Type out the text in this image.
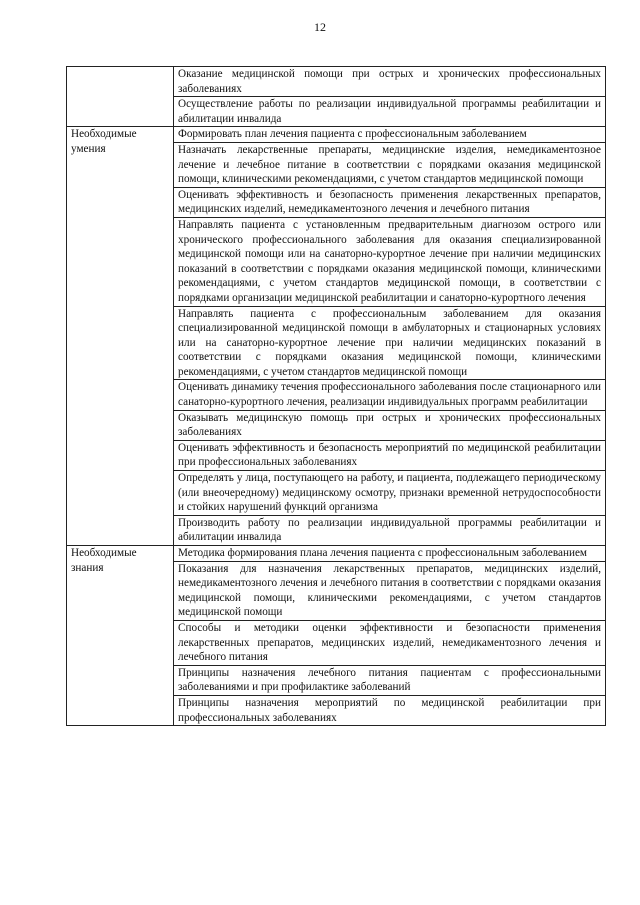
12
	Оказание медицинской помощи при острых и хронических профессиональных заболеваниях
	Осуществление работы по реализации индивидуальной программы реабилитации и абилитации инвалида
Необходимые умения	Формировать план лечения пациента с профессиональным заболеванием
	Назначать лекарственные препараты, медицинские изделия, немедикаментозное лечение и лечебное питание в соответствии с порядками оказания медицинской помощи, клиническими рекомендациями, с учетом стандартов медицинской помощи
	Оценивать эффективность и безопасность применения лекарственных препаратов, медицинских изделий, немедикаментозного лечения и лечебного питания
	Направлять пациента с установленным предварительным диагнозом острого или хронического профессионального заболевания для оказания специализированной медицинской помощи или на санаторно-курортное лечение при наличии медицинских показаний в соответствии с порядками оказания медицинской помощи, клиническими рекомендациями, с учетом стандартов медицинской помощи, в соответствии с порядками организации медицинской реабилитации и санаторно-курортного лечения
	Направлять пациента с профессиональным заболеванием для оказания специализированной медицинской помощи в амбулаторных и стационарных условиях или на санаторно-курортное лечение при наличии медицинских показаний в соответствии с порядками оказания медицинской помощи, клиническими рекомендациями, с учетом стандартов медицинской помощи
	Оценивать динамику течения профессионального заболевания после стационарного или санаторно-курортного лечения, реализации индивидуальных программ реабилитации
	Оказывать медицинскую помощь при острых и хронических профессиональных заболеваниях
	Оценивать эффективность и безопасность мероприятий по медицинской реабилитации при профессиональных заболеваниях
	Определять у лица, поступающего на работу, и пациента, подлежащего периодическому (или внеочередному) медицинскому осмотру, признаки временной нетрудоспособности и стойких нарушений функций организма
	Производить работу по реализации индивидуальной программы реабилитации и абилитации инвалида
Необходимые знания	Методика формирования плана лечения пациента с профессиональным заболеванием
	Показания для назначения лекарственных препаратов, медицинских изделий, немедикаментозного лечения и лечебного питания в соответствии с порядками оказания медицинской помощи, клиническими рекомендациями, с учетом стандартов медицинской помощи
	Способы и методики оценки эффективности и безопасности применения лекарственных препаратов, медицинских изделий, немедикаментозного лечения и лечебного питания
	Принципы назначения лечебного питания пациентам с профессиональными заболеваниями и при профилактике заболеваний
	Принципы назначения мероприятий по медицинской реабилитации при профессиональных заболеваниях
